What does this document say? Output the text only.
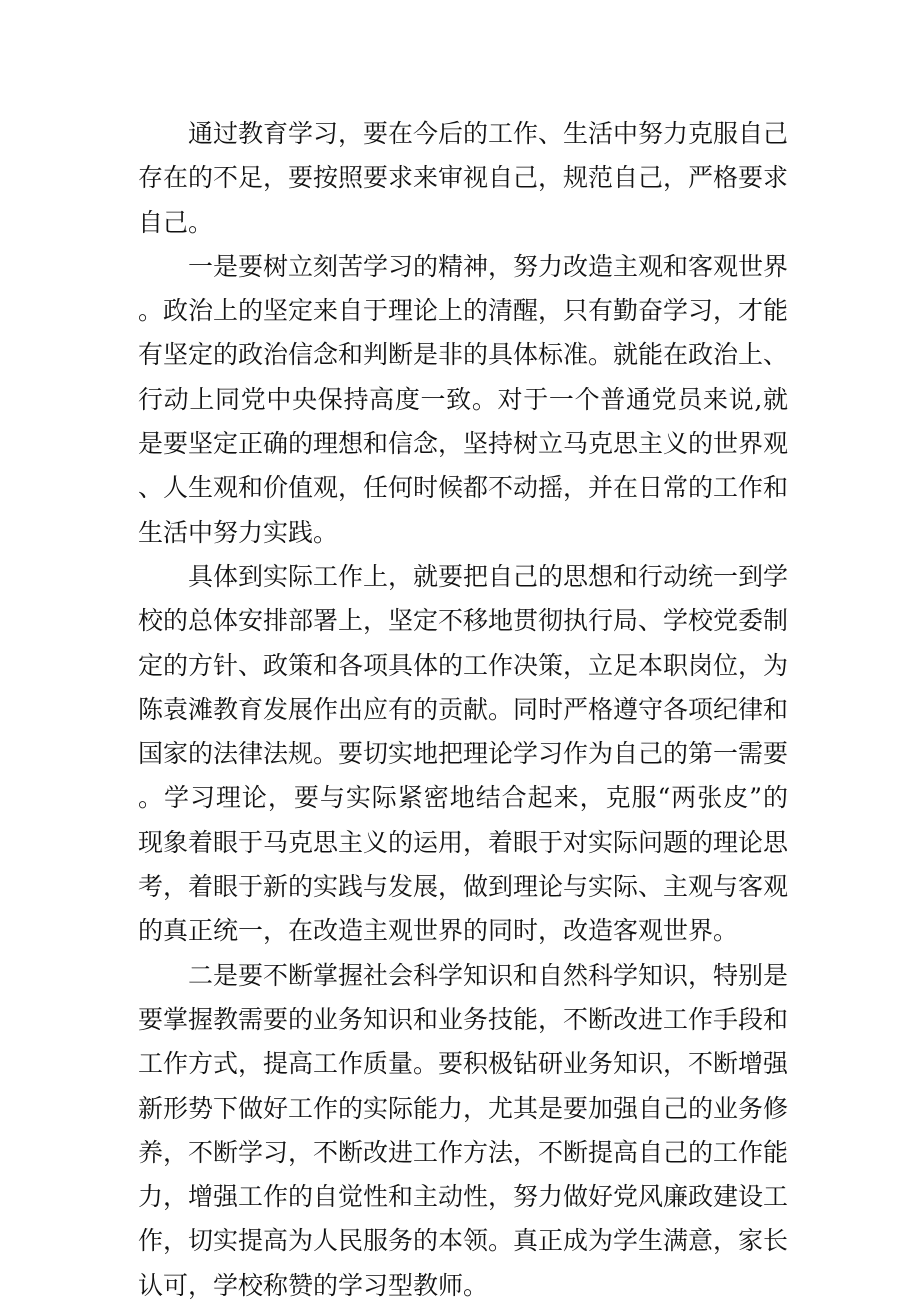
通过教育学习，要在今后的工作、生活中努力克服自己存在的不足，要按照要求来审视自己，规范自己，严格要求自己。

一是要树立刻苦学习的精神，努力改造主观和客观世界。政治上的坚定来自于理论上的清醒，只有勤奋学习，才能有坚定的政治信念和判断是非的具体标准。就能在政治上、行动上同党中央保持高度一致。对于一个普通党员来说,就是要坚定正确的理想和信念，坚持树立马克思主义的世界观、人生观和价值观，任何时候都不动摇，并在日常的工作和生活中努力实践。

具体到实际工作上，就要把自己的思想和行动统一到学校的总体安排部署上，坚定不移地贯彻执行局、学校党委制定的方针、政策和各项具体的工作决策，立足本职岗位，为陈袁滩教育发展作出应有的贡献。同时严格遵守各项纪律和国家的法律法规。要切实地把理论学习作为自己的第一需要。学习理论，要与实际紧密地结合起来，克服“两张皮”的现象着眼于马克思主义的运用，着眼于对实际问题的理论思考，着眼于新的实践与发展，做到理论与实际、主观与客观的真正统一，在改造主观世界的同时，改造客观世界。

二是要不断掌握社会科学知识和自然科学知识，特别是要掌握教需要的业务知识和业务技能，不断改进工作手段和工作方式，提高工作质量。要积极钻研业务知识，不断增强新形势下做好工作的实际能力，尤其是要加强自己的业务修养，不断学习，不断改进工作方法，不断提高自己的工作能力，增强工作的自觉性和主动性，努力做好党风廉政建设工作，切实提高为人民服务的本领。真正成为学生满意，家长认可，学校称赞的学习型教师。
